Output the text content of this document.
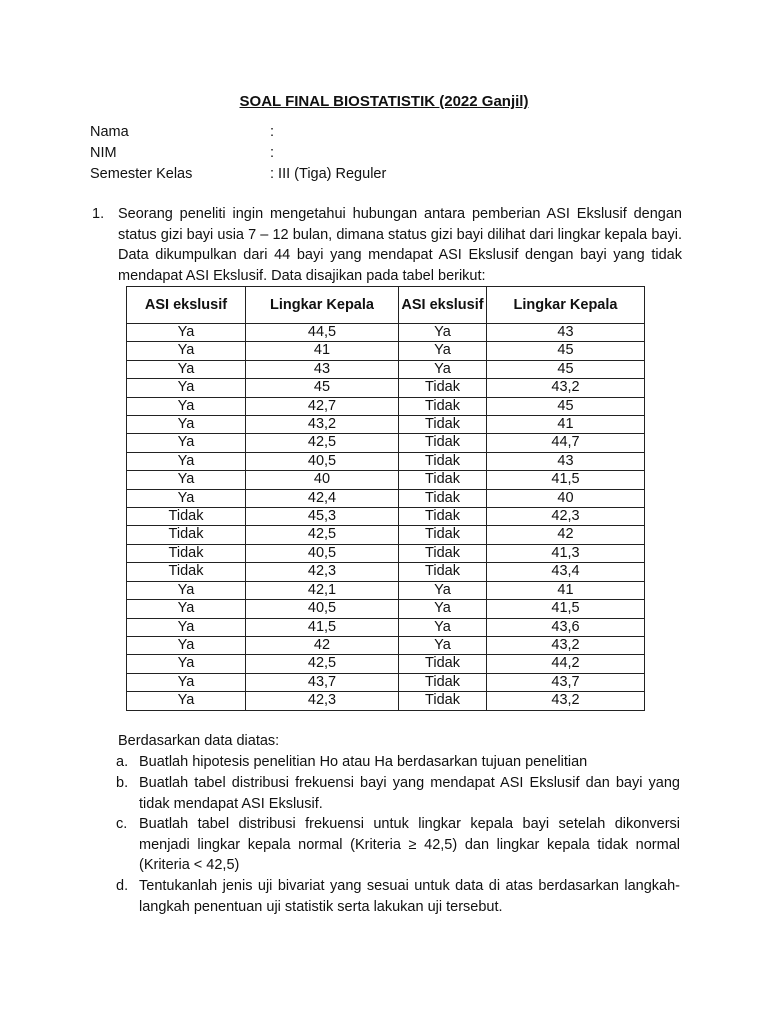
SOAL FINAL BIOSTATISTIK (2022 Ganjil)
Nama	:
NIM	:
Semester Kelas	: III (Tiga) Reguler
1. Seorang peneliti ingin mengetahui hubungan antara pemberian ASI Ekslusif dengan status gizi bayi usia 7 – 12 bulan, dimana status gizi bayi dilihat dari lingkar kepala bayi. Data dikumpulkan dari 44 bayi yang mendapat ASI Ekslusif dengan bayi yang tidak mendapat ASI Ekslusif. Data disajikan pada tabel berikut:
ASI ekslusif	Lingkar Kepala	ASI ekslusif	Lingkar Kepala
Ya	44,5	Ya	43
Ya	41	Ya	45
Ya	43	Ya	45
Ya	45	Tidak	43,2
Ya	42,7	Tidak	45
Ya	43,2	Tidak	41
Ya	42,5	Tidak	44,7
Ya	40,5	Tidak	43
Ya	40	Tidak	41,5
Ya	42,4	Tidak	40
Tidak	45,3	Tidak	42,3
Tidak	42,5	Tidak	42
Tidak	40,5	Tidak	41,3
Tidak	42,3	Tidak	43,4
Ya	42,1	Ya	41
Ya	40,5	Ya	41,5
Ya	41,5	Ya	43,6
Ya	42	Ya	43,2
Ya	42,5	Tidak	44,2
Ya	43,7	Tidak	43,7
Ya	42,3	Tidak	43,2
Berdasarkan data diatas:
a. Buatlah hipotesis penelitian Ho atau Ha berdasarkan tujuan penelitian
b. Buatlah tabel distribusi frekuensi bayi yang mendapat ASI Ekslusif dan bayi yang tidak mendapat ASI Ekslusif.
c. Buatlah tabel distribusi frekuensi untuk lingkar kepala bayi setelah dikonversi menjadi lingkar kepala normal (Kriteria ≥ 42,5) dan lingkar kepala tidak normal (Kriteria < 42,5)
d. Tentukanlah jenis uji bivariat yang sesuai untuk data di atas berdasarkan langkah-langkah penentuan uji statistik serta lakukan uji tersebut.
